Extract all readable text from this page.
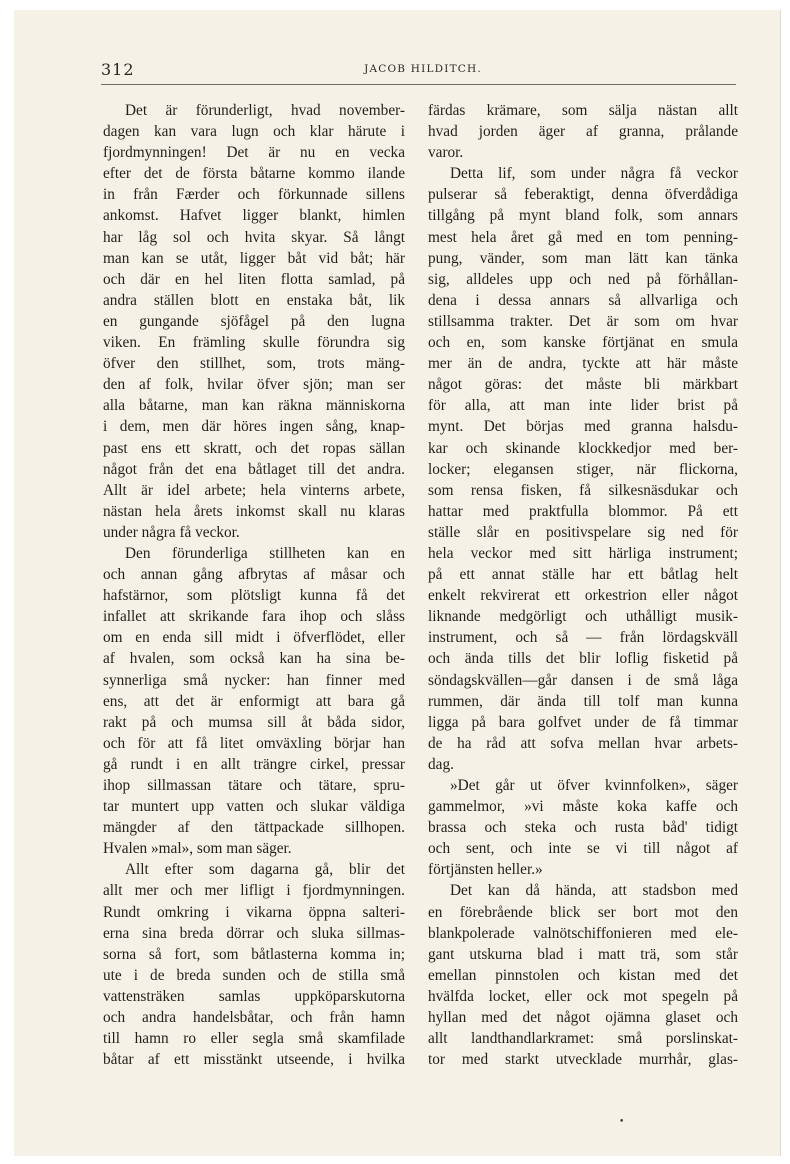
312	JACOB HILDITCH.
Det är förunderligt, hvad november-
dagen kan vara lugn och klar härute i
fjordmynningen! Det är nu en vecka
efter det de första båtarne kommo ilande
in från Færder och förkunnade sillens
ankomst. Hafvet ligger blankt, himlen
har låg sol och hvita skyar. Så långt
man kan se utåt, ligger båt vid båt; här
och där en hel liten flotta samlad, på
andra ställen blott en enstaka båt, lik
en gungande sjöfågel på den lugna
viken. En främling skulle förundra sig
öfver den stillhet, som, trots mäng-
den af folk, hvilar öfver sjön; man ser
alla båtarne, man kan räkna människorna
i dem, men där höres ingen sång, knap-
past ens ett skratt, och det ropas sällan
något från det ena båtlaget till det andra.
Allt är idel arbete; hela vinterns arbete,
nästan hela årets inkomst skall nu klaras
under några få veckor.
Den förunderliga stillheten kan en
och annan gång afbrytas af måsar och
hafstärnor, som plötsligt kunna få det
infallet att skrikande fara ihop och slåss
om en enda sill midt i öfverflödet, eller
af hvalen, som också kan ha sina be-
synnerliga små nycker: han finner med
ens, att det är enformigt att bara gå
rakt på och mumsa sill åt båda sidor,
och för att få litet omväxling börjar han
gå rundt i en allt trängre cirkel, pressar
ihop sillmassan tätare och tätare, spru-
tar muntert upp vatten och slukar väldiga
mängder af den tättpackade sillhopen.
Hvalen »mal», som man säger.
Allt efter som dagarna gå, blir det
allt mer och mer lifligt i fjordmynningen.
Rundt omkring i vikarna öppna salteri-
erna sina breda dörrar och sluka sillmas-
sorna så fort, som båtlasterna komma in;
ute i de breda sunden och de stilla små
vattensträken samlas uppköparskutorna
och andra handelsbåtar, och från hamn
till hamn ro eller segla små skamfilade
båtar af ett misstänkt utseende, i hvilka
färdas krämare, som sälja nästan allt
hvad jorden äger af granna, prålande
varor.
Detta lif, som under några få veckor
pulserar så feberaktigt, denna öfverdådiga
tillgång på mynt bland folk, som annars
mest hela året gå med en tom penning-
pung, vänder, som man lätt kan tänka
sig, alldeles upp och ned på förhållan-
dena i dessa annars så allvarliga och
stillsamma trakter. Det är som om hvar
och en, som kanske förtjänat en smula
mer än de andra, tyckte att här måste
något göras: det måste bli märkbart
för alla, att man inte lider brist på
mynt. Det börjas med granna halsdu-
kar och skinande klockkedjor med ber-
locker; elegansen stiger, när flickorna,
som rensa fisken, få silkesnäsdukar och
hattar med praktfulla blommor. På ett
ställe slår en positivspelare sig ned för
hela veckor med sitt härliga instrument;
på ett annat ställe har ett båtlag helt
enkelt rekvirerat ett orkestrion eller något
liknande medgörligt och uthålligt musik-
instrument, och så — från lördagskväll
och ända tills det blir loflig fisketid på
söndagskvällen—går dansen i de små låga
rummen, där ända till tolf man kunna
ligga på bara golfvet under de få timmar
de ha råd att sofva mellan hvar arbets-
dag.
»Det går ut öfver kvinnfolken», säger
gammelmor, »vi måste koka kaffe och
brassa och steka och rusta båd' tidigt
och sent, och inte se vi till något af
förtjänsten heller.»
Det kan då hända, att stadsbon med
en förebrående blick ser bort mot den
blankpolerade valnötschiffonieren med ele-
gant utskurna blad i matt trä, som står
emellan pinnstolen och kistan med det
hvälfda locket, eller ock mot spegeln på
hyllan med det något ojämna glaset och
allt landthandlarkramet: små porslinskat-
tor med starkt utvecklade murrhår, glas-
•
